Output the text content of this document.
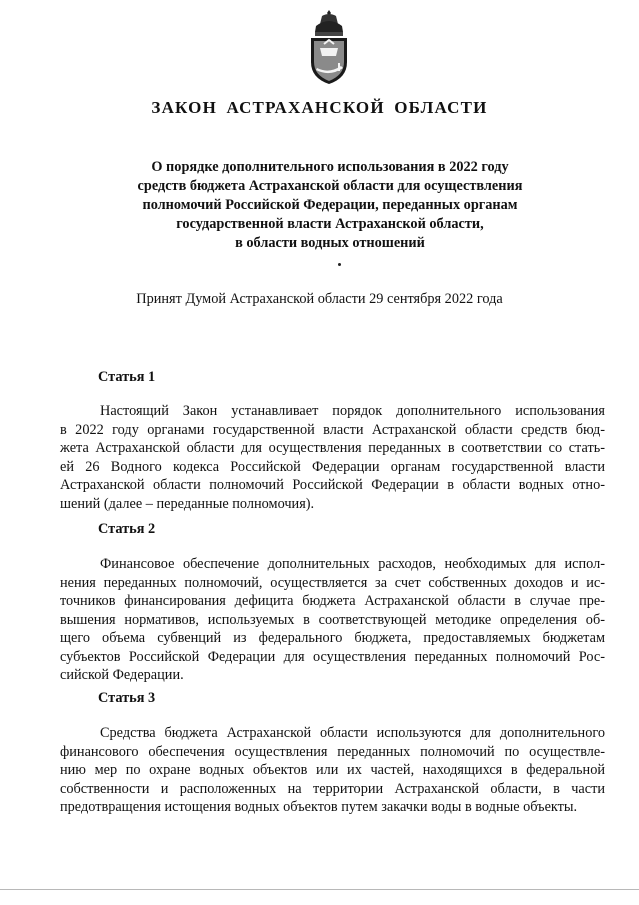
ЗАКОН АСТРАХАНСКОЙ ОБЛАСТИ
О порядке дополнительного использования в 2022 году
средств бюджета Астраханской области для осуществления
полномочий Российской Федерации, переданных органам
государственной власти Астраханской области,
в области водных отношений
Принят Думой Астраханской области 29 сентября 2022 года
Статья 1
Настоящий Закон устанавливает порядок дополнительного использования
в 2022 году органами государственной власти Астраханской области средств бюд-
жета Астраханской области для осуществления переданных в соответствии со стать-
ей 26 Водного кодекса Российской Федерации органам государственной власти
Астраханской области полномочий Российской Федерации в области водных отно-
шений (далее – переданные полномочия).
Статья 2
Финансовое обеспечение дополнительных расходов, необходимых для испол-
нения переданных полномочий, осуществляется за счет собственных доходов и ис-
точников финансирования дефицита бюджета Астраханской области в случае пре-
вышения нормативов, используемых в соответствующей методике определения об-
щего объема субвенций из федерального бюджета, предоставляемых бюджетам
субъектов Российской Федерации для осуществления переданных полномочий Рос-
сийской Федерации.
Статья 3
Средства бюджета Астраханской области используются для дополнительного
финансового обеспечения осуществления переданных полномочий по осуществле-
нию мер по охране водных объектов или их частей, находящихся в федеральной
собственности и расположенных на территории Астраханской области, в части
предотвращения истощения водных объектов путем закачки воды в водные объекты.
